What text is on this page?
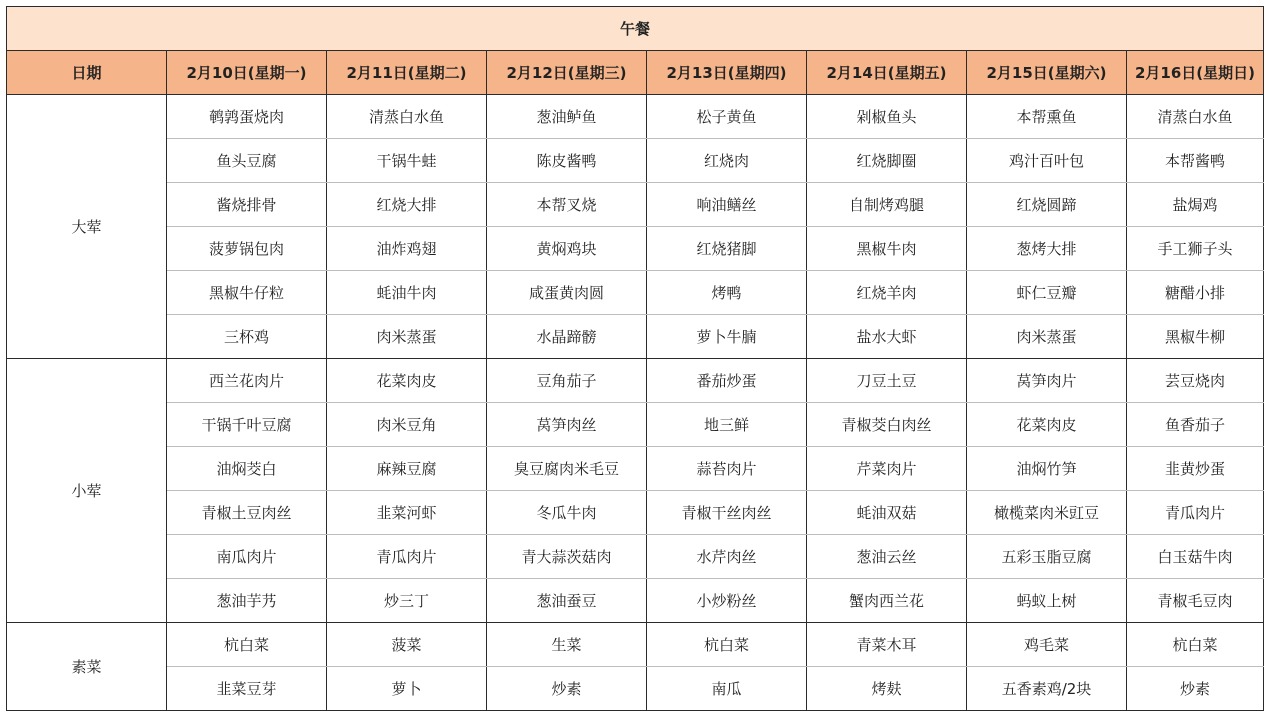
午餐							
日期	2月10日(星期一)	2月11日(星期二)	2月12日(星期三)	2月13日(星期四)	2月14日(星期五)	2月15日(星期六)	2月16日(星期日)
大荤	鹌鹑蛋烧肉	清蒸白水鱼	葱油鲈鱼	松子黄鱼	剁椒鱼头	本帮熏鱼	清蒸白水鱼
	鱼头豆腐	干锅牛蛙	陈皮酱鸭	红烧肉	红烧脚圈	鸡汁百叶包	本帮酱鸭
	酱烧排骨	红烧大排	本帮叉烧	响油鳝丝	自制烤鸡腿	红烧圆蹄	盐焗鸡
	菠萝锅包肉	油炸鸡翅	黄焖鸡块	红烧猪脚	黑椒牛肉	葱烤大排	手工狮子头
	黑椒牛仔粒	蚝油牛肉	咸蛋黄肉圆	烤鸭	红烧羊肉	虾仁豆瓣	糖醋小排
	三杯鸡	肉米蒸蛋	水晶蹄髈	萝卜牛腩	盐水大虾	肉米蒸蛋	黑椒牛柳
小荤	西兰花肉片	花菜肉皮	豆角茄子	番茄炒蛋	刀豆土豆	莴笋肉片	芸豆烧肉
	干锅千叶豆腐	肉米豆角	莴笋肉丝	地三鲜	青椒茭白肉丝	花菜肉皮	鱼香茄子
	油焖茭白	麻辣豆腐	臭豆腐肉米毛豆	蒜苔肉片	芹菜肉片	油焖竹笋	韭黄炒蛋
	青椒土豆肉丝	韭菜河虾	冬瓜牛肉	青椒干丝肉丝	蚝油双菇	橄榄菜肉米豇豆	青瓜肉片
	南瓜肉片	青瓜肉片	青大蒜茨菇肉	水芹肉丝	葱油云丝	五彩玉脂豆腐	白玉菇牛肉
	葱油芋艿	炒三丁	葱油蚕豆	小炒粉丝	蟹肉西兰花	蚂蚁上树	青椒毛豆肉
素菜	杭白菜	菠菜	生菜	杭白菜	青菜木耳	鸡毛菜	杭白菜
	韭菜豆芽	萝卜	炒素	南瓜	烤麸	五香素鸡/2块	炒素
